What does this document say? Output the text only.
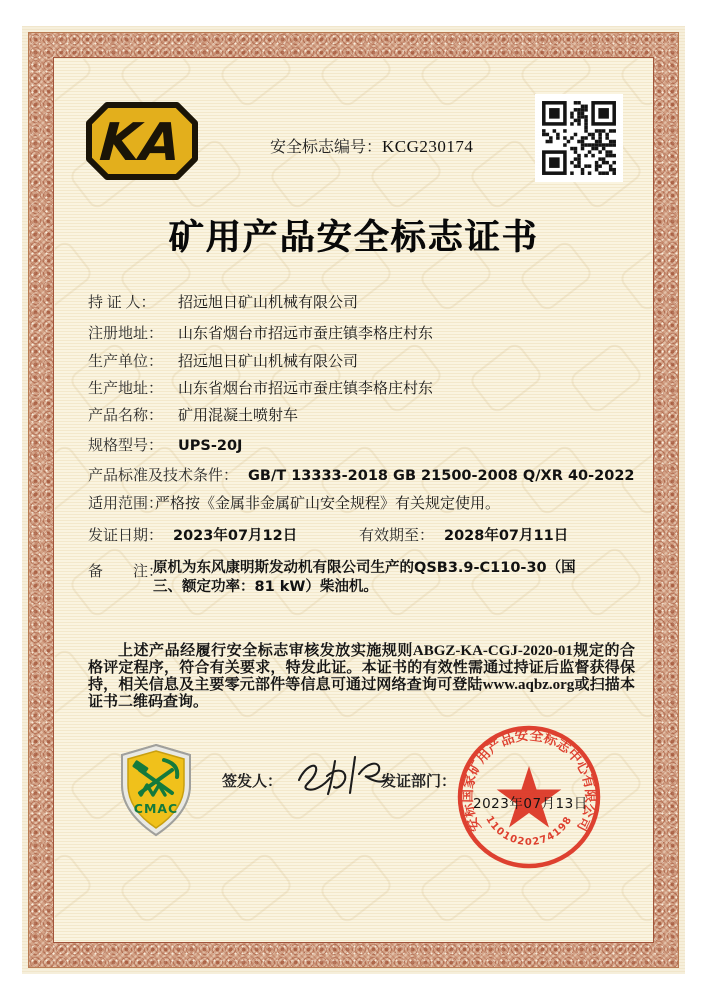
KA	安全标志编号：KCG230174
矿用产品安全标志证书
持 证 人： 招远旭日矿山机械有限公司
注册地址： 山东省烟台市招远市蚕庄镇李格庄村东
生产单位： 招远旭日矿山机械有限公司
生产地址： 山东省烟台市招远市蚕庄镇李格庄村东
产品名称： 矿用混凝土喷射车
规格型号： UPS-20J
产品标准及技术条件： GB/T 13333-2018 GB 21500-2008 Q/XR 40-2022
适用范围：严格按《金属非金属矿山安全规程》有关规定使用。
发证日期： 2023年07月12日	有效期至： 2028年07月11日
备　　注：
原机为东风康明斯发动机有限公司生产的QSB3.9-C110-30（国三、额定功率：81 kW）柴油机。
上述产品经履行安全标志审核发放实施规则ABGZ-KA-CGJ-2020-01规定的合格评定程序，符合有关要求，特发此证。本证书的有效性需通过持证后监督获得保持，相关信息及主要零元部件等信息可通过网络查询可登陆www.aqbz.org或扫描本证书二维码查询。
CMAC
签发人：	发证部门：
安标国家矿用产品安全标志中心有限公司
1101020274198
2023年07月13日
